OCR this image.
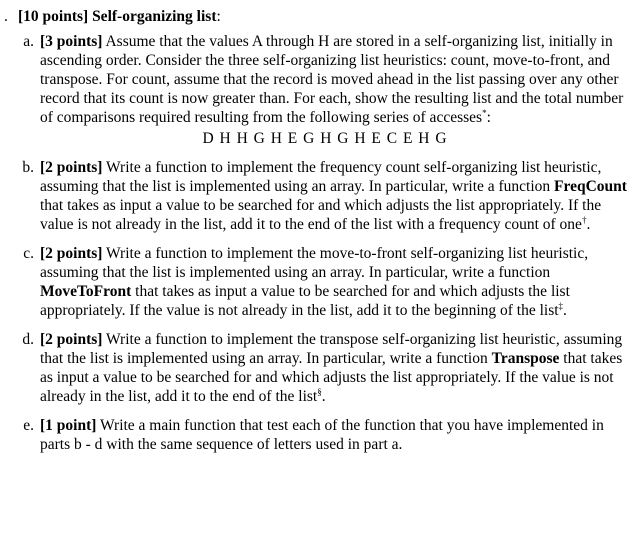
. [10 points] Self-organizing list :
a. [3 points] Assume that the values A through H are stored in a self-organizing list, initially in ascending order. Consider the three self-organizing list heuristics: count, move-to-front, and transpose. For count, assume that the record is moved ahead in the list passing over any other record that its count is now greater than. For each, show the resulting list and the total number of comparisons required resulting from the following series of accesses*:
D H H G H E G H G H E C E H G
b. [2 points] Write a function to implement the frequency count self-organizing list heuristic, assuming that the list is implemented using an array. In particular, write a function FreqCount that takes as input a value to be searched for and which adjusts the list appropriately. If the value is not already in the list, add it to the end of the list with a frequency count of one†.
c. [2 points] Write a function to implement the move-to-front self-organizing list heuristic, assuming that the list is implemented using an array. In particular, write a function MoveToFront that takes as input a value to be searched for and which adjusts the list appropriately. If the value is not already in the list, add it to the beginning of the list‡.
d. [2 points] Write a function to implement the transpose self-organizing list heuristic, assuming that the list is implemented using an array. In particular, write a function Transpose that takes as input a value to be searched for and which adjusts the list appropriately. If the value is not already in the list, add it to the end of the list§.
e. [1 point] Write a main function that test each of the function that you have implemented in parts b - d with the same sequence of letters used in part a.
